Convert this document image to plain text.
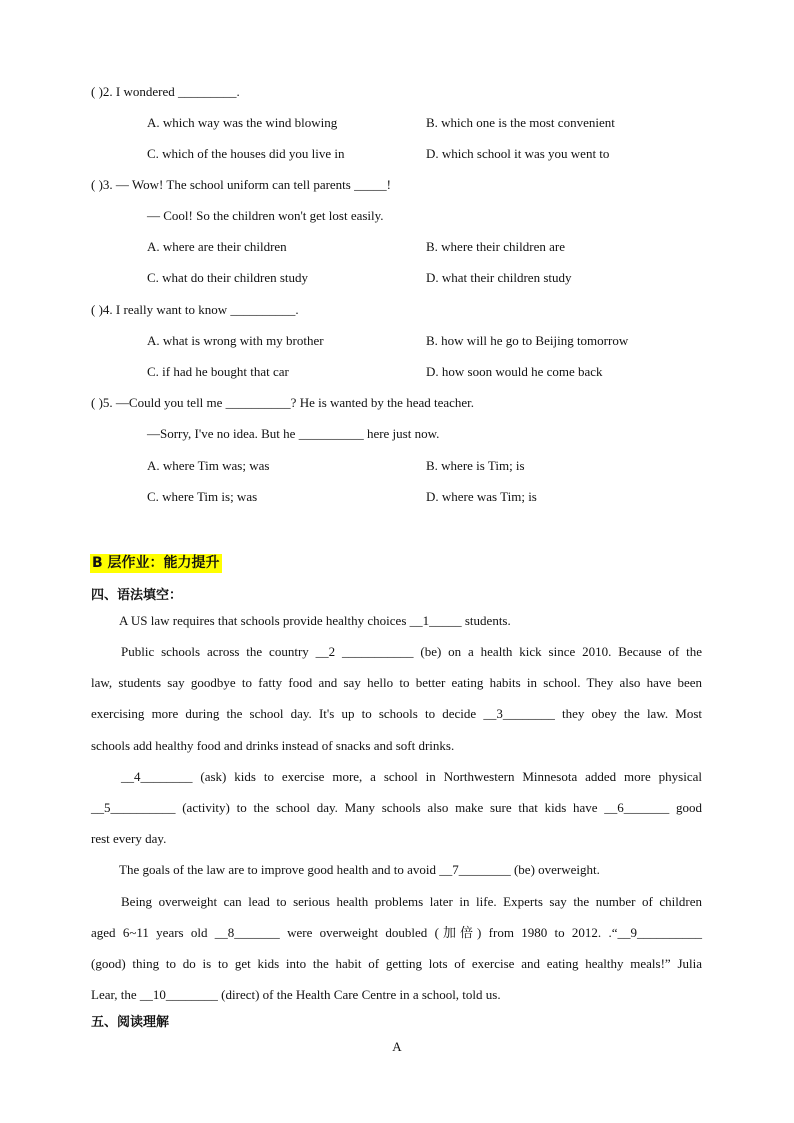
( )2. I wondered _________.
A. which way was the wind blowing	B. which one is the most convenient
C. which of the houses did you live in	D. which school it was you went to
( )3. — Wow! The school uniform can tell parents _____!
— Cool! So the children won't get lost easily.
A. where are their children	B. where their children are
C. what do their children study	D. what their children study
( )4. I really want to know __________.
A. what is wrong with my brother	B. how will he go to Beijing tomorrow
C. if had he bought that car	D. how soon would he come back
( )5. —Could you tell me __________? He is wanted by the head teacher.
—Sorry, I've no idea. But he __________ here just now.
A. where Tim was; was	B. where is Tim; is
C. where Tim is; was	D. where was Tim; is
B 层作业：能力提升
四、语法填空：
A US law requires that schools provide healthy choices __1_____ students.
Public schools across the country __2 ___________ (be) on a health kick since 2010. Because of the
law, students say goodbye to fatty food and say hello to better eating habits in school. They also have been
exercising more during the school day. It's up to schools to decide __3________ they obey the law. Most
schools add healthy food and drinks instead of snacks and soft drinks.
__4________ (ask) kids to exercise more, a school in Northwestern Minnesota added more physical
__5__________ (activity) to the school day. Many schools also make sure that kids have __6_______ good
rest every day.
The goals of the law are to improve good health and to avoid __7________ (be) overweight.
Being overweight can lead to serious health problems later in life. Experts say the number of children
aged 6~11 years old __8_______ were overweight doubled (加倍) from 1980 to 2012. .“__9__________
(good) thing to do is to get kids into the habit of getting lots of exercise and eating healthy meals!” Julia
Lear, the __10________ (direct) of the Health Care Centre in a school, told us.
五、阅读理解
A
